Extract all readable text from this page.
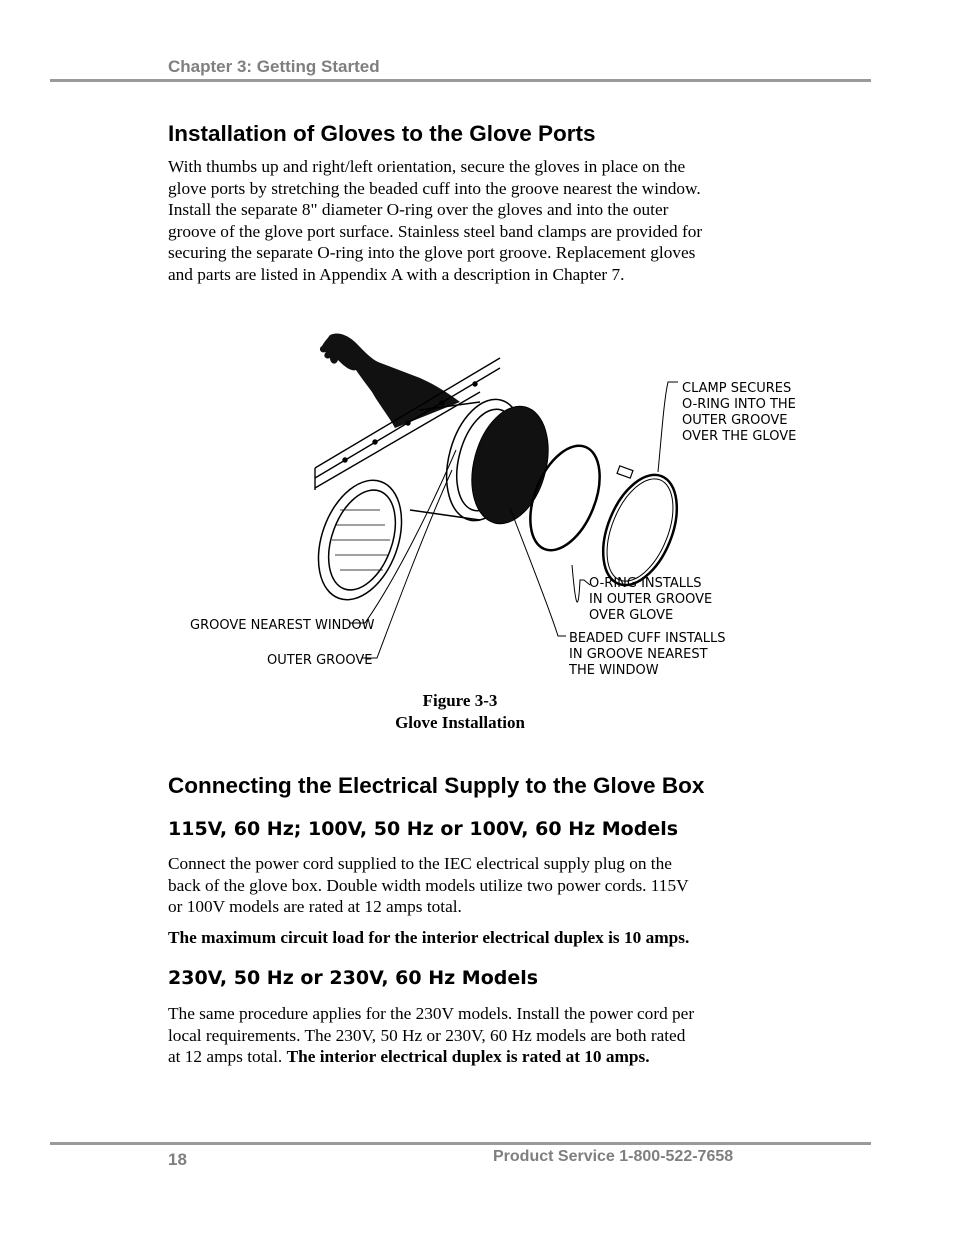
Chapter 3: Getting Started
Installation of Gloves to the Glove Ports

With thumbs up and right/left orientation, secure the gloves in place on the
glove ports by stretching the beaded cuff into the groove nearest the window.
Install the separate 8" diameter O-ring over the gloves and into the outer
groove of the glove port surface. Stainless steel band clamps are provided for
securing the separate O-ring into the glove port groove. Replacement gloves
and parts are listed in Appendix A with a description in Chapter 7.

CLAMP SECURES
O-RING INTO THE
OUTER GROOVE
OVER THE GLOVE
O-RING INSTALLS
IN OUTER GROOVE
OVER GLOVE
BEADED CUFF INSTALLS
IN GROOVE NEAREST
THE WINDOW
GROOVE NEAREST WINDOW
OUTER GROOVE
Figure 3-3
Glove Installation
Connecting the Electrical Supply to the Glove Box
115V, 60 Hz; 100V, 50 Hz or 100V, 60 Hz Models

Connect the power cord supplied to the IEC electrical supply plug on the
back of the glove box. Double width models utilize two power cords. 115V
or 100V models are rated at 12 amps total.

The maximum circuit load for the interior electrical duplex is 10 amps.

230V, 50 Hz or 230V, 60 Hz Models

The same procedure applies for the 230V models. Install the power cord per
local requirements. The 230V, 50 Hz or 230V, 60 Hz models are both rated
at 12 amps total. The interior electrical duplex is rated at 10 amps.

18	Product Service 1-800-522-7658
